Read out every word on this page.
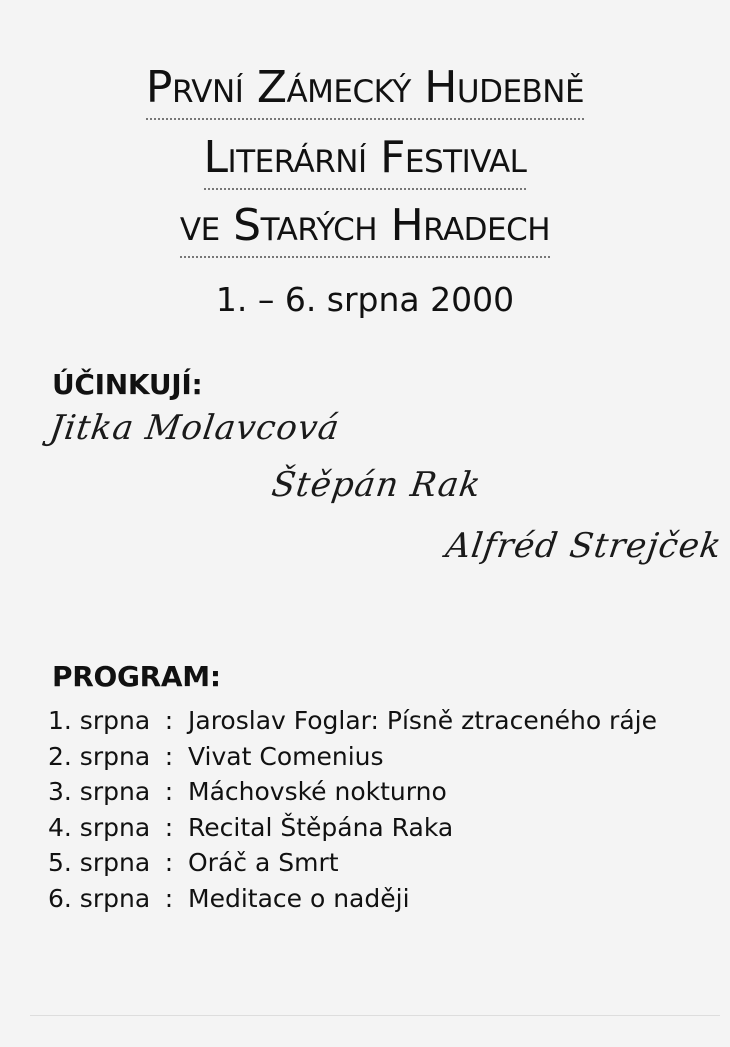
První Zámecký Hudebně
Literární Festival
ve Starých Hradech
1. – 6. srpna 2000
ÚČINKUJÍ:
Jitka Molavcová
Štěpán Rak
Alfréd Strejček
PROGRAM:
1. srpna : Jaroslav Foglar: Písně ztraceného ráje
2. srpna : Vivat Comenius
3. srpna : Máchovské nokturno
4. srpna : Recital Štěpána Raka
5. srpna : Oráč a Smrt
6. srpna : Meditace o naději
